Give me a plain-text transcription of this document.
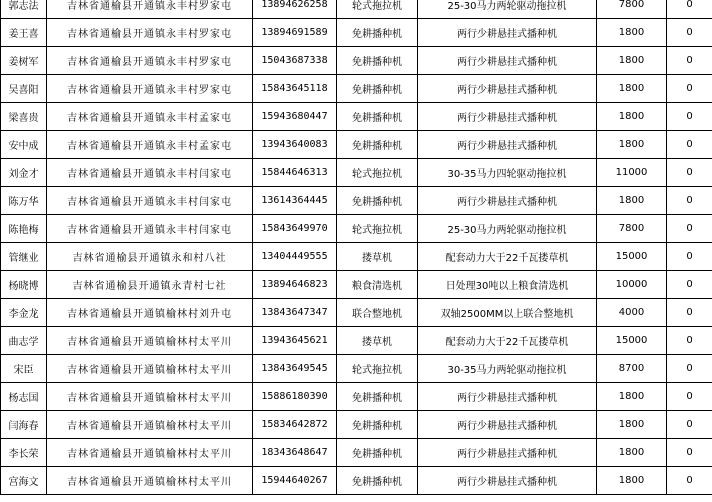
郭志法	吉林省通榆县开通镇永丰村罗家屯	13894626258	轮式拖拉机	25-30马力两轮驱动拖拉机	7800	0
姜王喜	吉林省通榆县开通镇永丰村罗家屯	13894691589	免耕播种机	两行少耕悬挂式播种机	1800	0
姜树军	吉林省通榆县开通镇永丰村罗家屯	15043687338	免耕播种机	两行少耕悬挂式播种机	1800	0
吴喜阳	吉林省通榆县开通镇永丰村罗家屯	15843645118	免耕播种机	两行少耕悬挂式播种机	1800	0
梁喜贵	吉林省通榆县开通镇永丰村孟家屯	15943680447	免耕播种机	两行少耕悬挂式播种机	1800	0
安中成	吉林省通榆县开通镇永丰村孟家屯	13943640083	免耕播种机	两行少耕悬挂式播种机	1800	0
刘金才	吉林省通榆县开通镇永丰村闫家屯	15844646313	轮式拖拉机	30-35马力四轮驱动拖拉机	11000	0
陈万华	吉林省通榆县开通镇永丰村闫家屯	13614364445	免耕播种机	两行少耕悬挂式播种机	1800	0
陈艳梅	吉林省通榆县开通镇永丰村闫家屯	15843649970	轮式拖拉机	25-30马力两轮驱动拖拉机	7800	0
管继业	吉林省通榆县开通镇永和村八社	13404449555	搂草机	配套动力大于22千瓦搂草机	15000	0
杨晓博	吉林省通榆县开通镇永青村七社	13894646823	粮食清选机	日处理30吨以上粮食清选机	10000	0
李金龙	吉林省通榆县开通镇榆林村刘升屯	13843647347	联合整地机	双轴2500MM以上联合整地机	4000	0
曲志学	吉林省通榆县开通镇榆林村太平川	13943645621	搂草机	配套动力大于22千瓦搂草机	15000	0
宋臣	吉林省通榆县开通镇榆林村太平川	13843649545	轮式拖拉机	30-35马力两轮驱动拖拉机	8700	0
杨志国	吉林省通榆县开通镇榆林村太平川	15886180390	免耕播种机	两行少耕悬挂式播种机	1800	0
闫海春	吉林省通榆县开通镇榆林村太平川	15834642872	免耕播种机	两行少耕悬挂式播种机	1800	0
李长荣	吉林省通榆县开通镇榆林村太平川	18343648647	免耕播种机	两行少耕悬挂式播种机	1800	0
宫海文	吉林省通榆县开通镇榆林村太平川	15944640267	免耕播种机	两行少耕悬挂式播种机	1800	0
